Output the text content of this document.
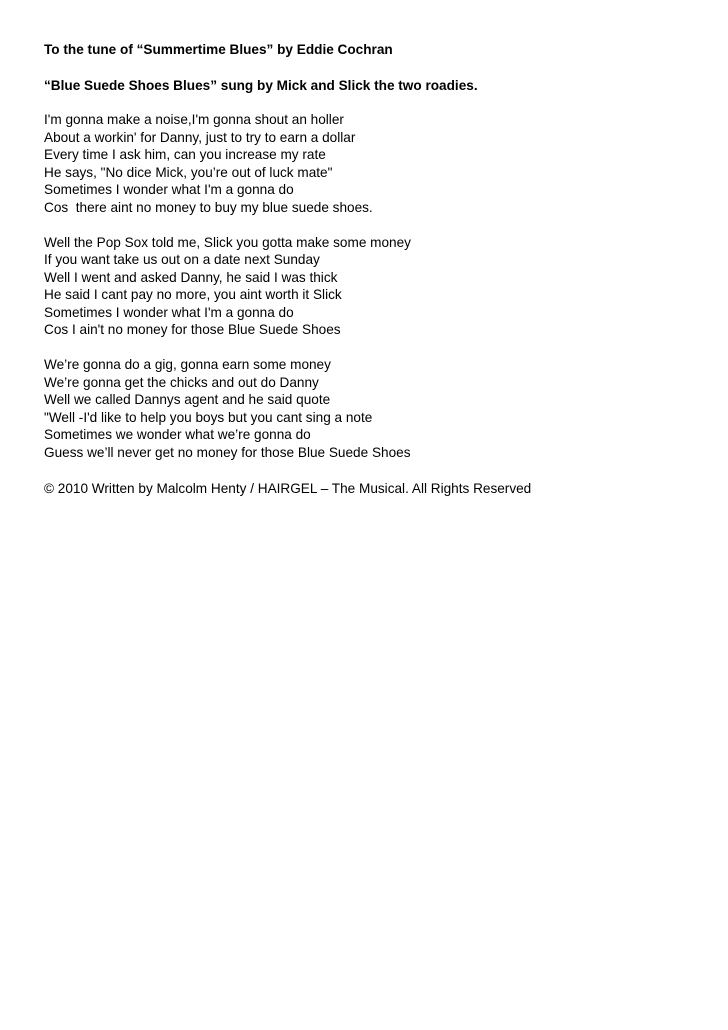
To the tune of “Summertime Blues” by Eddie Cochran

“Blue Suede Shoes Blues” sung by Mick and Slick the two roadies.

I'm gonna make a noise,I'm gonna shout an holler
About a workin' for Danny, just to try to earn a dollar
Every time I ask him, can you increase my rate
He says, "No dice Mick, you’re out of luck mate"
Sometimes I wonder what I'm a gonna do
Cos  there aint no money to buy my blue suede shoes.
Well the Pop Sox told me, Slick you gotta make some money
If you want take us out on a date next Sunday
Well I went and asked Danny, he said I was thick
He said I cant pay no more, you aint worth it Slick
Sometimes I wonder what I'm a gonna do
Cos I ain't no money for those Blue Suede Shoes
We’re gonna do a gig, gonna earn some money
We’re gonna get the chicks and out do Danny
Well we called Dannys agent and he said quote
"Well -I'd like to help you boys but you cant sing a note
Sometimes we wonder what we’re gonna do
Guess we’ll never get no money for those Blue Suede Shoes

© 2010 Written by Malcolm Henty / HAIRGEL – The Musical. All Rights Reserved
